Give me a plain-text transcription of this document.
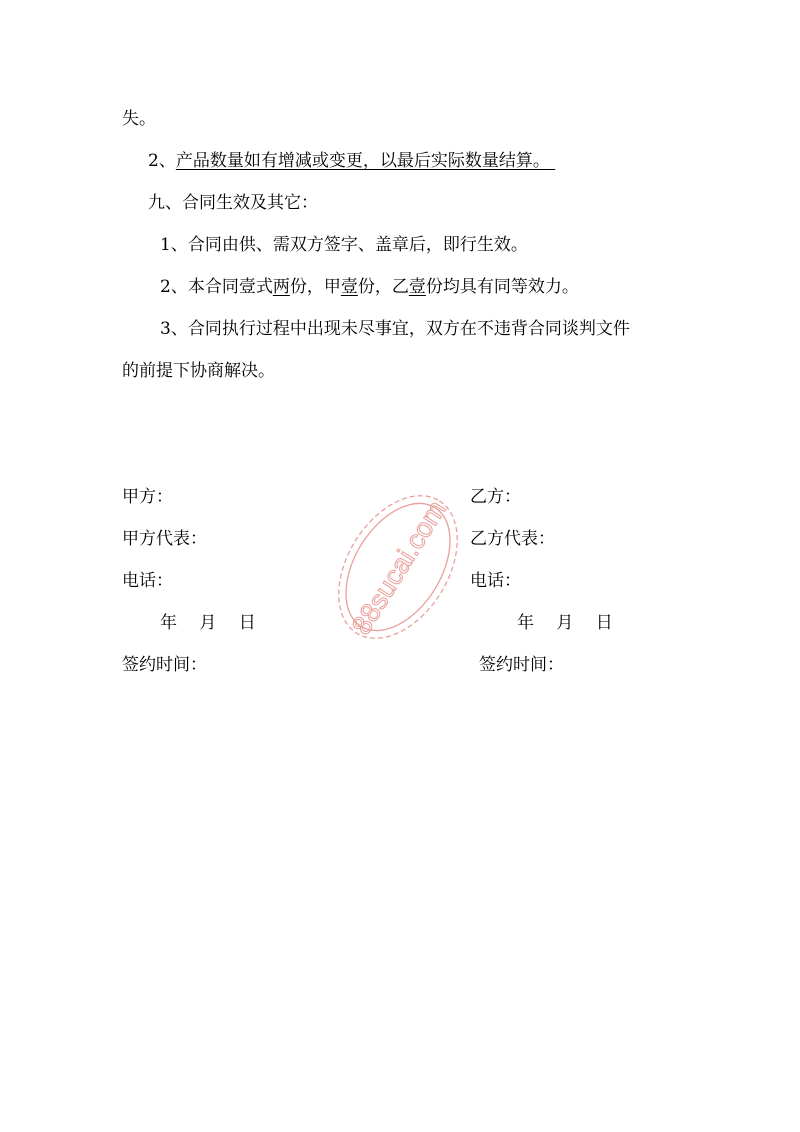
失。
2、产品数量如有增减或变更，以最后实际数量结算。
九、合同生效及其它：
1、合同由供、需双方签字、盖章后，即行生效。
2、本合同壹式两份，甲壹份，乙壹份均具有同等效力。
3、合同执行过程中出现未尽事宜，双方在不违背合同谈判文件
的前提下协商解决。
甲方：
甲方代表：
电话：
年　 月　 日
签约时间：
乙方：
乙方代表：
电话：
年　 月　 日
签约时间：
88sucai.com
